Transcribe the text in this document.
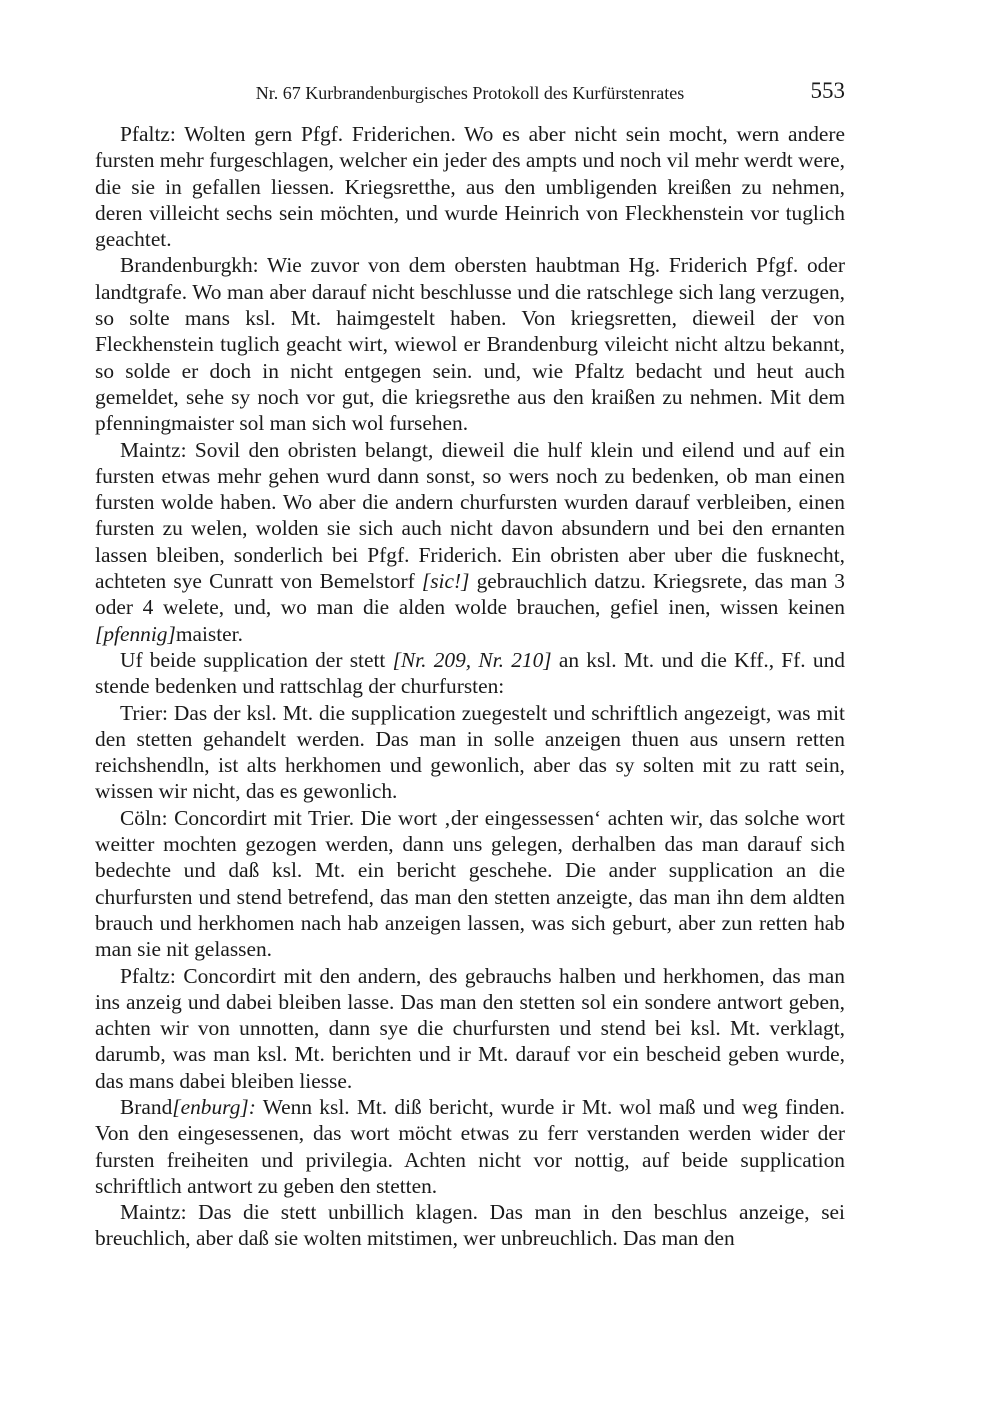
Nr. 67 Kurbrandenburgisches Protokoll des Kurfürstenrates	553

Pfaltz: Wolten gern Pfgf. Friderichen. Wo es aber nicht sein mocht, wern andere fursten mehr furgeschlagen, welcher ein jeder des ampts und noch vil mehr werdt were, die sie in gefallen liessen. Kriegsretthe, aus den umbligenden kreißen zu nehmen, deren villeicht sechs sein möchten, und wurde Heinrich von Fleckhenstein vor tuglich geachtet.

Brandenburgkh: Wie zuvor von dem obersten haubtman Hg. Friderich Pfgf. oder landtgrafe. Wo man aber darauf nicht beschlusse und die ratschlege sich lang verzugen, so solte mans ksl. Mt. haimgestelt haben. Von kriegsretten, dieweil der von Fleckhenstein tuglich geacht wirt, wiewol er Brandenburg vileicht nicht altzu bekannt, so solde er doch in nicht entgegen sein. und, wie Pfaltz bedacht und heut auch gemeldet, sehe sy noch vor gut, die kriegsrethe aus den kraißen zu nehmen. Mit dem pfenningmaister sol man sich wol fursehen.

Maintz: Sovil den obristen belangt, dieweil die hulf klein und eilend und auf ein fursten etwas mehr gehen wurd dann sonst, so wers noch zu bedenken, ob man einen fursten wolde haben. Wo aber die andern churfursten wurden darauf verbleiben, einen fursten zu welen, wolden sie sich auch nicht davon absundern und bei den ernanten lassen bleiben, sonderlich bei Pfgf. Friderich. Ein obristen aber uber die fusknecht, achteten sye Cunratt von Bemelstorf [sic!] gebrauchlich datzu. Kriegsrete, das man 3 oder 4 welete, und, wo man die alden wolde brauchen, gefiel inen, wissen keinen [pfennig]maister.

Uf beide supplication der stett [Nr. 209, Nr. 210] an ksl. Mt. und die Kff., Ff. und stende bedenken und rattschlag der churfursten:

Trier: Das der ksl. Mt. die supplication zuegestelt und schriftlich angezeigt, was mit den stetten gehandelt werden. Das man in solle anzeigen thuen aus unsern retten reichshendln, ist alts herkhomen und gewonlich, aber das sy solten mit zu ratt sein, wissen wir nicht, das es gewonlich.

Cöln: Concordirt mit Trier. Die wort ‚der eingessessen‘ achten wir, das solche wort weitter mochten gezogen werden, dann uns gelegen, derhalben das man darauf sich bedechte und daß ksl. Mt. ein bericht geschehe. Die ander supplication an die churfursten und stend betrefend, das man den stetten anzeigte, das man ihn dem aldten brauch und herkhomen nach hab anzeigen lassen, was sich geburt, aber zun retten hab man sie nit gelassen.

Pfaltz: Concordirt mit den andern, des gebrauchs halben und herkhomen, das man ins anzeig und dabei bleiben lasse. Das man den stetten sol ein sondere antwort geben, achten wir von unnotten, dann sye die churfursten und stend bei ksl. Mt. verklagt, darumb, was man ksl. Mt. berichten und ir Mt. darauf vor ein bescheid geben wurde, das mans dabei bleiben liesse.

Brand[enburg]: Wenn ksl. Mt. diß bericht, wurde ir Mt. wol maß und weg finden. Von den eingesessenen, das wort möcht etwas zu ferr verstanden werden wider der fursten freiheiten und privilegia. Achten nicht vor nottig, auf beide supplication schriftlich antwort zu geben den stetten.

Maintz: Das die stett unbillich klagen. Das man in den beschlus anzeige, sei breuchlich, aber daß sie wolten mitstimen, wer unbreuchlich. Das man den
